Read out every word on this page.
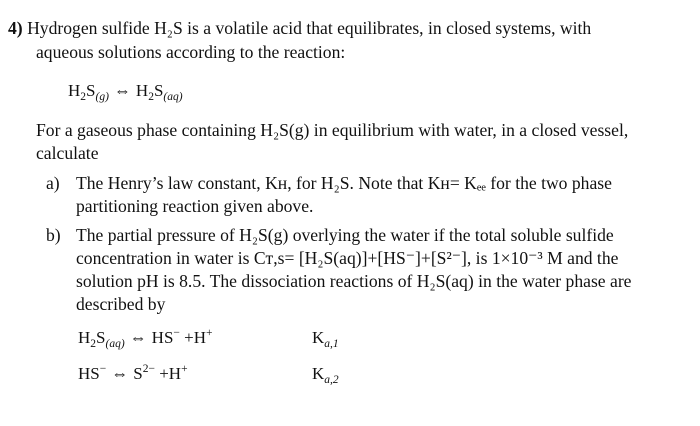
4) Hydrogen sulfide H₂S is a volatile acid that equilibrates, in closed systems, with
aqueous solutions according to the reaction:
$H_2S_{(g)}$ ⇔ $H_2S_{(aq)}$
For a gaseous phase containing H₂S(g) in equilibrium with water, in a closed vessel,
calculate
a) The Henry’s law constant, Kʜ, for H₂S. Note that Kʜ= Kₑₑ for the two phase
partitioning reaction given above.
b) The partial pressure of H₂S(g) overlying the water if the total soluble sulfide
concentration in water is Cᴛ,s= [H₂S(aq)]+[HS⁻]+[S²⁻], is 1×10⁻³ M and the
solution pH is 8.5. The dissociation reactions of H₂S(aq) in the water phase are
described by
$H_2S_{(aq)}$ ⇔ HS− +H+	$K_{a,1}$
HS− ⇔ $S^{2-} +H^+$	$K_{a,2}$
